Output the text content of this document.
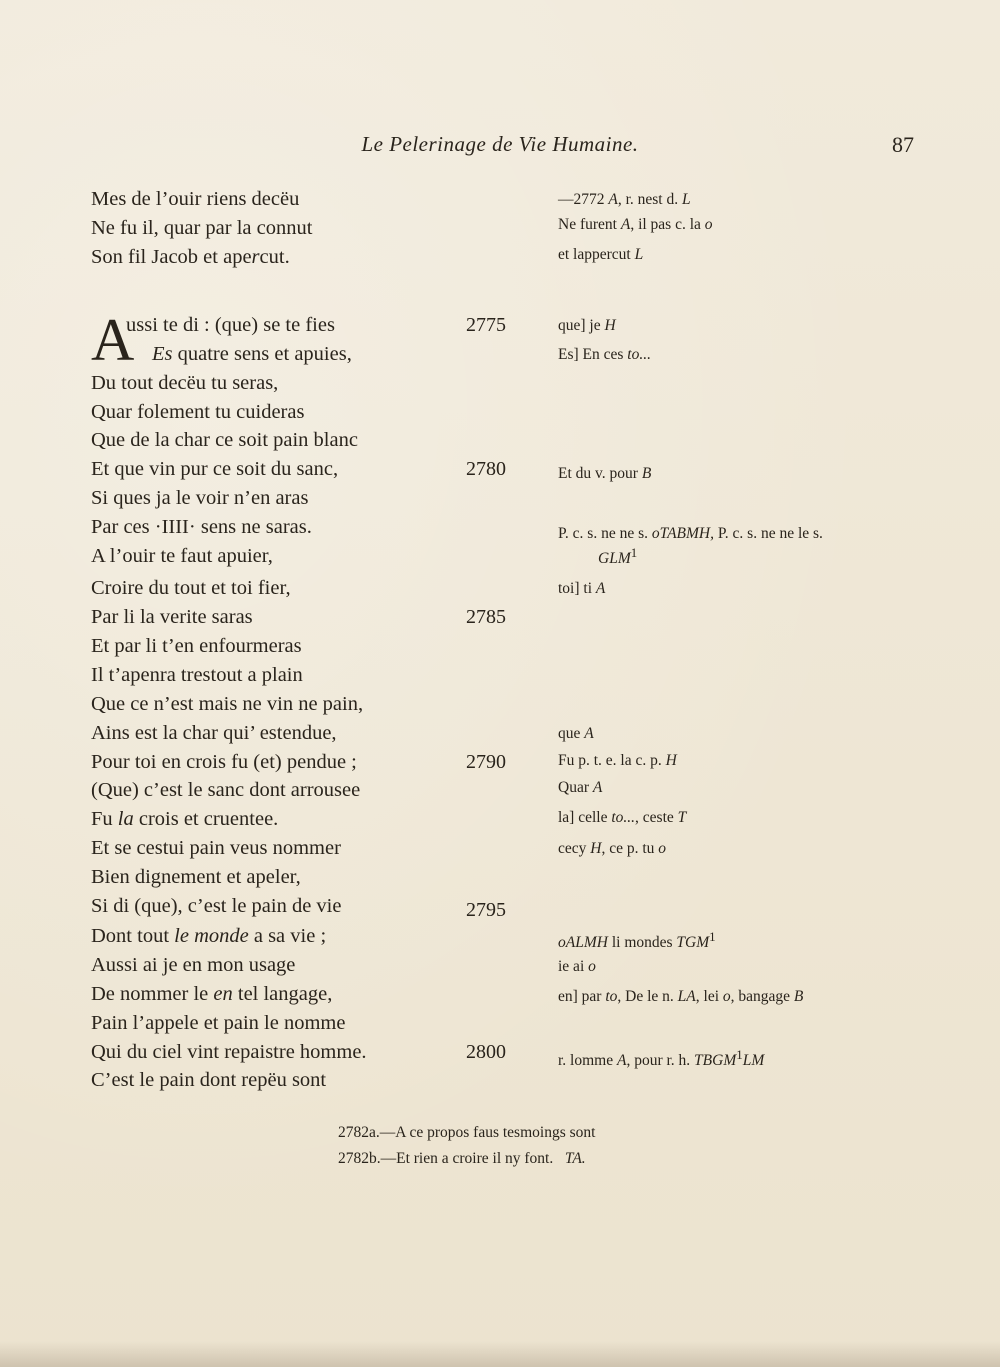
Le Pelerinage de Vie Humaine.	87
Mes de l’ouir riens decëu
Ne fu il, quar par la connut
Son fil Jacob et apercut.
A
ussi te di : (que) se te fies
Es quatre sens et apuies,
Du tout decëu tu seras,
Quar folement tu cuideras
Que de la char ce soit pain blanc
Et que vin pur ce soit du sanc,
Si ques ja le voir n’en aras
Par ces ·IIII· sens ne saras.
A l’ouir te faut apuier,
Croire du tout et toi fier,
Par li la verite saras
Et par li t’en enfourmeras
Il t’apenra trestout a plain
Que ce n’est mais ne vin ne pain,
Ains est la char qui’ estendue,
Pour toi en crois fu (et) pendue ;
(Que) c’est le sanc dont arrousee
Fu la crois et cruentee.
Et se cestui pain veus nommer
Bien dignement et apeler,
Si di (que), c’est le pain de vie
Dont tout le monde a sa vie ;
Aussi ai je en mon usage
De nommer le en tel langage,
Pain l’appele et pain le nomme
Qui du ciel vint repaistre homme.
C’est le pain dont repëu sont
2775
2780
2785
2790
2795
2800
—2772 A, r. nest d. L
Ne furent A, il pas c. la o
et lappercut L
que] je H
Es] En ces to...
Et du v. pour B
P. c. s. ne ne s. oTABMH, P. c. s. ne ne le s.
GLM$^1$
toi] ti A
que A
Fu p. t. e. la c. p. H
Quar A
la] celle to..., ceste T
cecy H, ce p. tu o
oALMH li mondes TGM$^1$
ie ai o
en] par to, De le n. LA, lei o, bangage B
r. lomme A, pour r. h. TBGM$^1$LM
2782a.—A ce propos faus tesmoings sont
2782b.—Et rien a croire il ny font. TA.
